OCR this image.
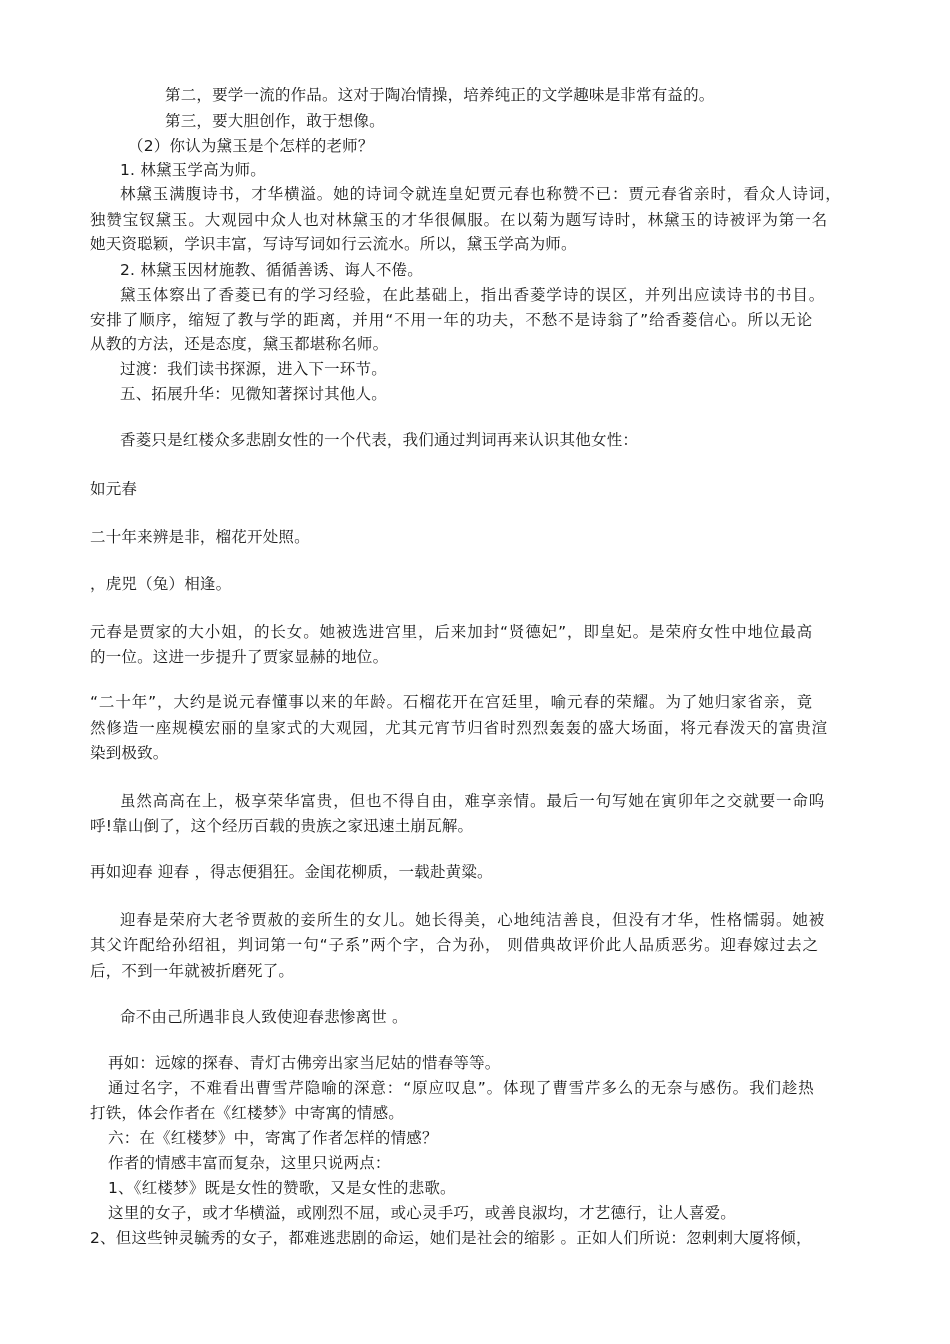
第二，要学一流的作品。这对于陶冶情操，培养纯正的文学趣味是非常有益的。
第三，要大胆创作，敢于想像。
（2）你认为黛玉是个怎样的老师？
1. 林黛玉学高为师。
林黛玉满腹诗书，才华横溢。她的诗词令就连皇妃贾元春也称赞不已：贾元春省亲时，看众人诗词，
独赞宝钗黛玉。大观园中众人也对林黛玉的才华很佩服。在以菊为题写诗时，林黛玉的诗被评为第一名
她天资聪颖，学识丰富，写诗写词如行云流水。所以，黛玉学高为师。
2. 林黛玉因材施教、循循善诱、诲人不倦。
黛玉体察出了香菱已有的学习经验，在此基础上，指出香菱学诗的误区，并列出应读诗书的书目。
安排了顺序，缩短了教与学的距离，并用“不用一年的功夫，不愁不是诗翁了”给香菱信心。所以无论
从教的方法，还是态度，黛玉都堪称名师。
过渡：我们读书探源，进入下一环节。
五、拓展升华：见微知著探讨其他人。
香菱只是红楼众多悲剧女性的一个代表，我们通过判词再来认识其他女性：
如元春
二十年来辨是非，榴花开处照。
，虎兕（兔）相逢。
元春是贾家的大小姐，的长女。她被选进宫里，后来加封“贤德妃”，即皇妃。是荣府女性中地位最高
的一位。这进一步提升了贾家显赫的地位。
“二十年”，大约是说元春懂事以来的年龄。石榴花开在宫廷里，喻元春的荣耀。为了她归家省亲，竟
然修造一座规模宏丽的皇家式的大观园，尤其元宵节归省时烈烈轰轰的盛大场面，将元春泼天的富贵渲
染到极致。
虽然高高在上，极享荣华富贵，但也不得自由，难享亲情。最后一句写她在寅卯年之交就要一命呜
呼!靠山倒了，这个经历百载的贵族之家迅速土崩瓦解。
再如迎春 迎春 ，得志便猖狂。金闺花柳质，一载赴黄粱。
迎春是荣府大老爷贾赦的妾所生的女儿。她长得美，心地纯洁善良，但没有才华，性格懦弱。她被
其父许配给孙绍祖，判词第一句“子系”两个字，合为孙， 则借典故评价此人品质恶劣。迎春嫁过去之
后，不到一年就被折磨死了。
命不由己所遇非良人致使迎春悲惨离世 。
再如：远嫁的探春、青灯古佛旁出家当尼姑的惜春等等。
通过名字，不难看出曹雪芹隐喻的深意：“原应叹息”。体现了曹雪芹多么的无奈与感伤。我们趁热
打铁，体会作者在《红楼梦》中寄寓的情感。
六：在《红楼梦》中，寄寓了作者怎样的情感？
作者的情感丰富而复杂，这里只说两点：
1、《红楼梦》既是女性的赞歌，又是女性的悲歌。
这里的女子，或才华横溢，或刚烈不屈，或心灵手巧，或善良淑均，才艺德行，让人喜爱。
2、但这些钟灵毓秀的女子，都难逃悲剧的命运，她们是社会的缩影 。正如人们所说：忽剌剌大厦将倾，
